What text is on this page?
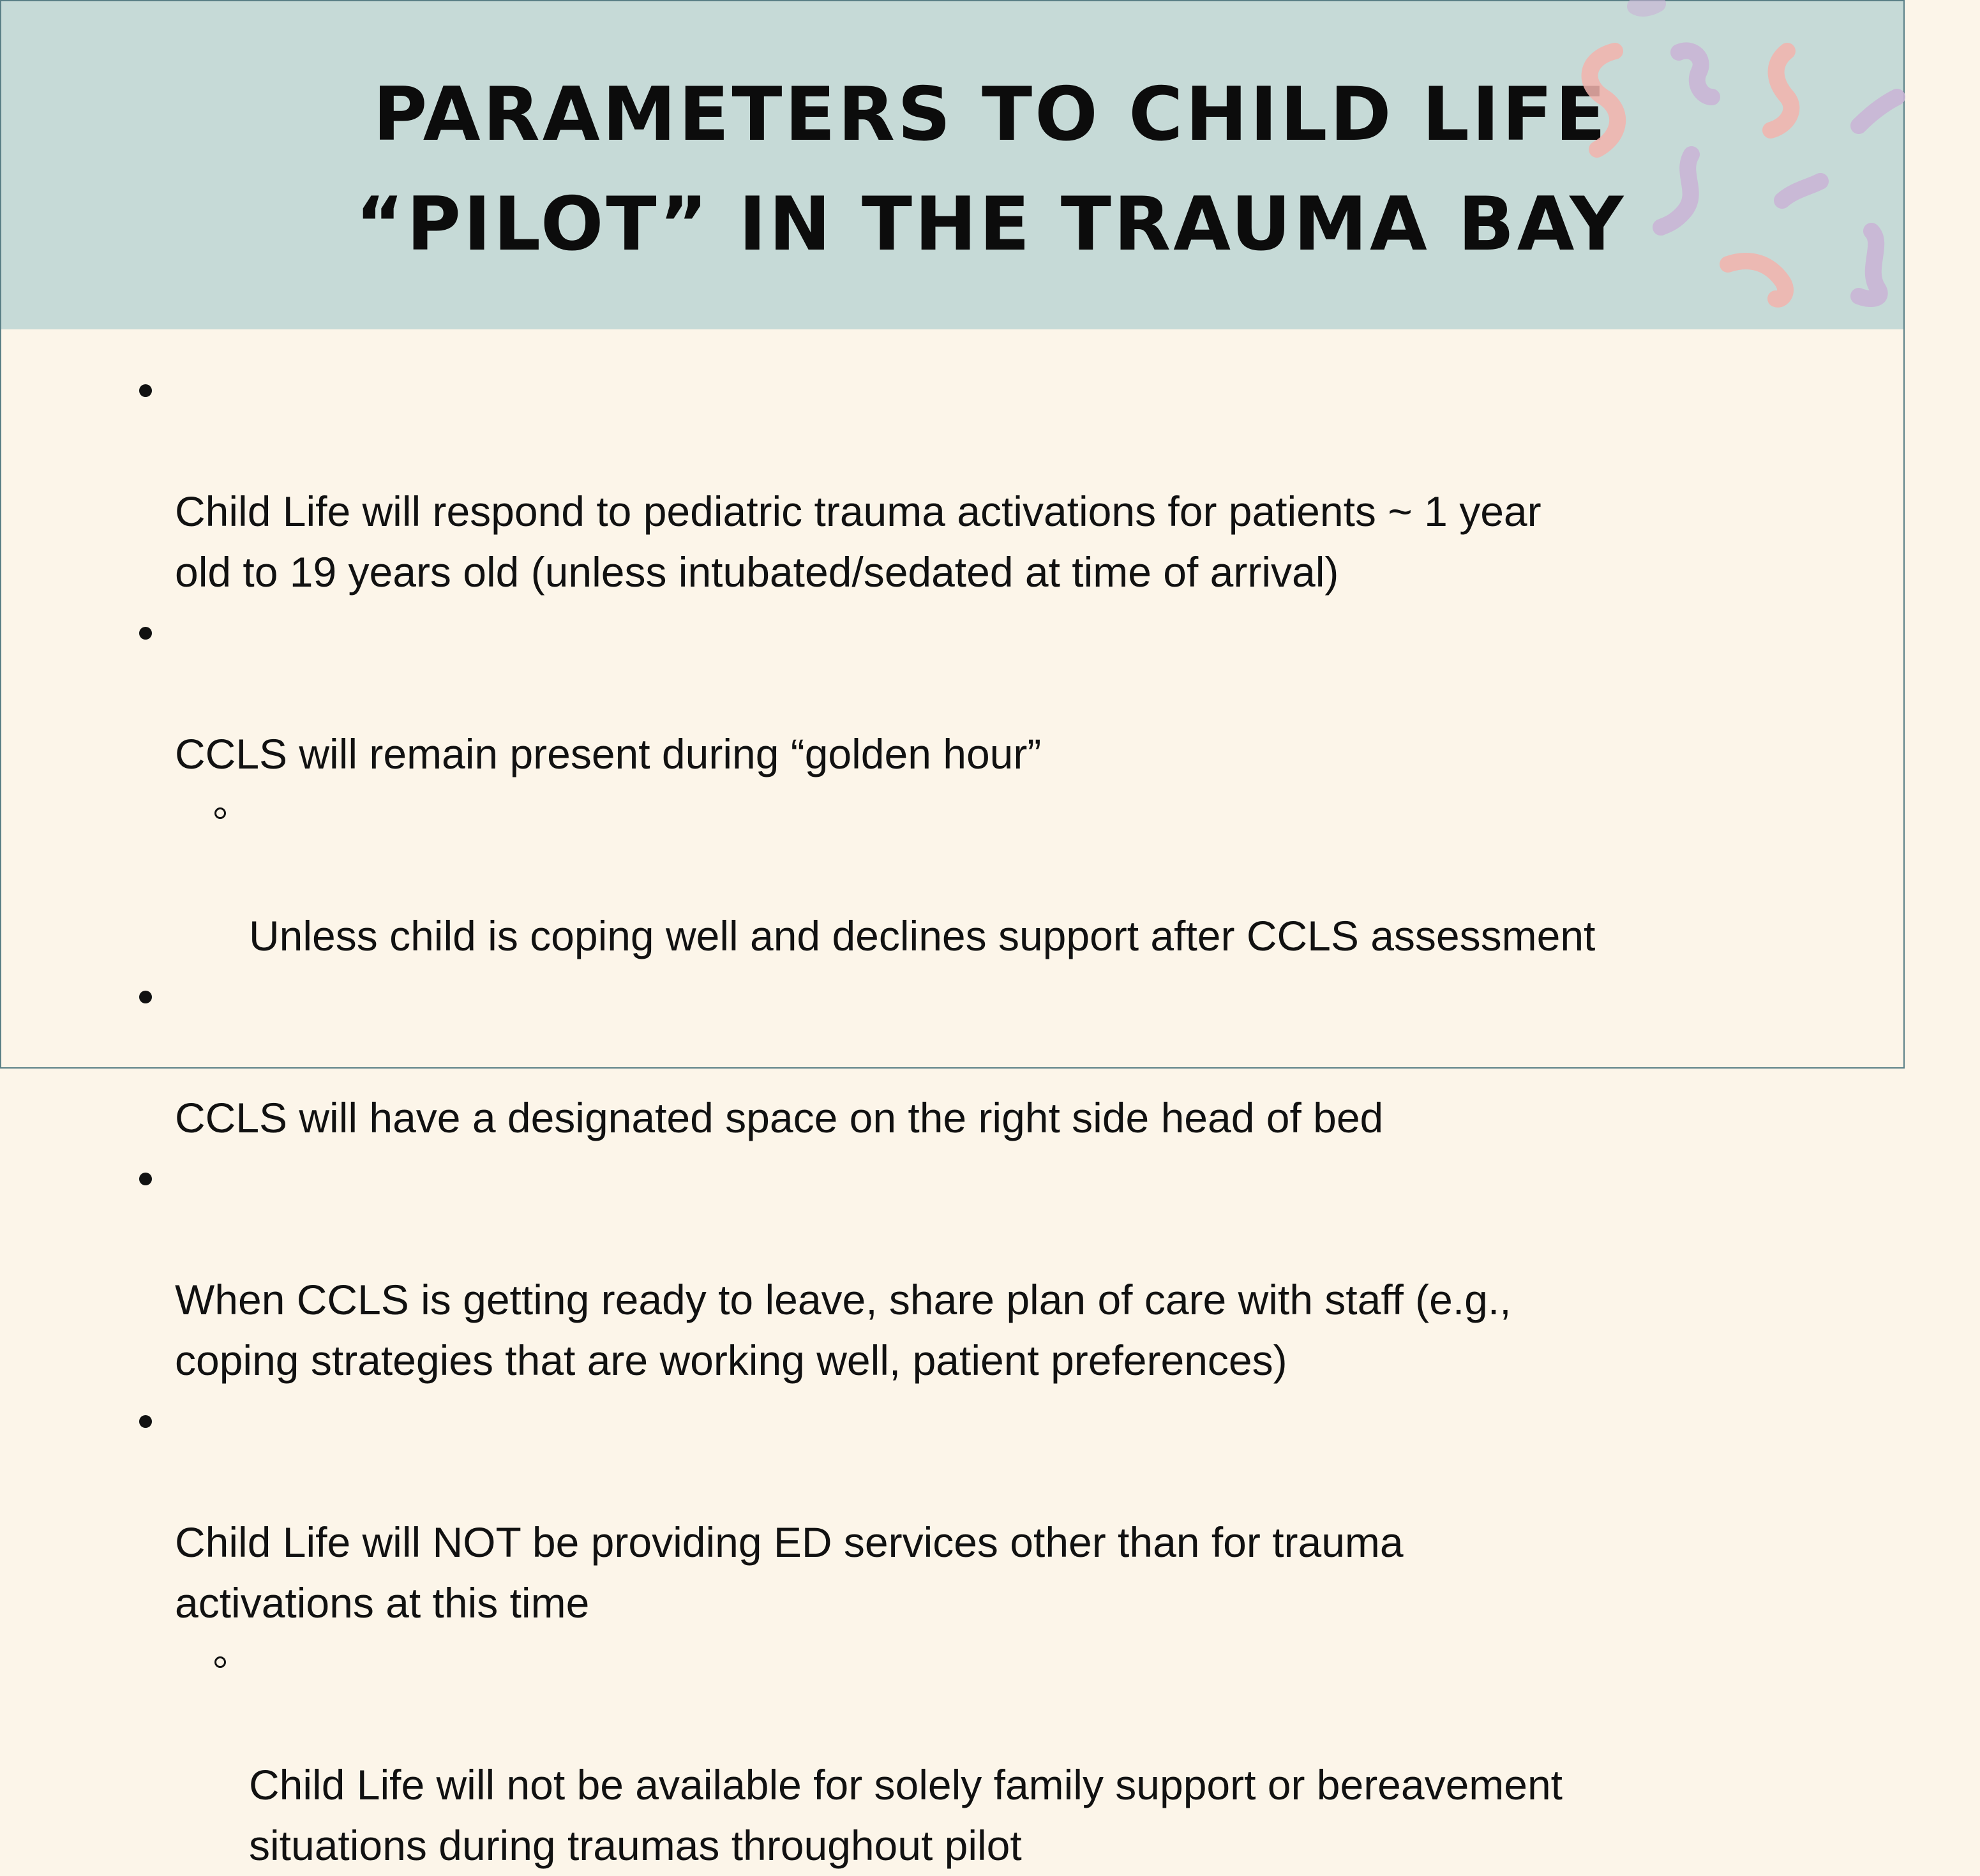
PARAMETERS TO CHILD LIFE
“PILOT” IN THE TRAUMA BAY

Child Life will respond to pediatric trauma activations for patients ~ 1 year
old to 19 years old (unless intubated/sedated at time of arrival)

CCLS will remain present during “golden hour”

Unless child is coping well and declines support after CCLS assessment

CCLS will have a designated space on the right side head of bed

When CCLS is getting ready to leave, share plan of care with staff (e.g.,
coping strategies that are working well, patient preferences)

Child Life will NOT be providing ED services other than for trauma
activations at this time

Child Life will not be available for solely family support or bereavement
situations during traumas throughout pilot
